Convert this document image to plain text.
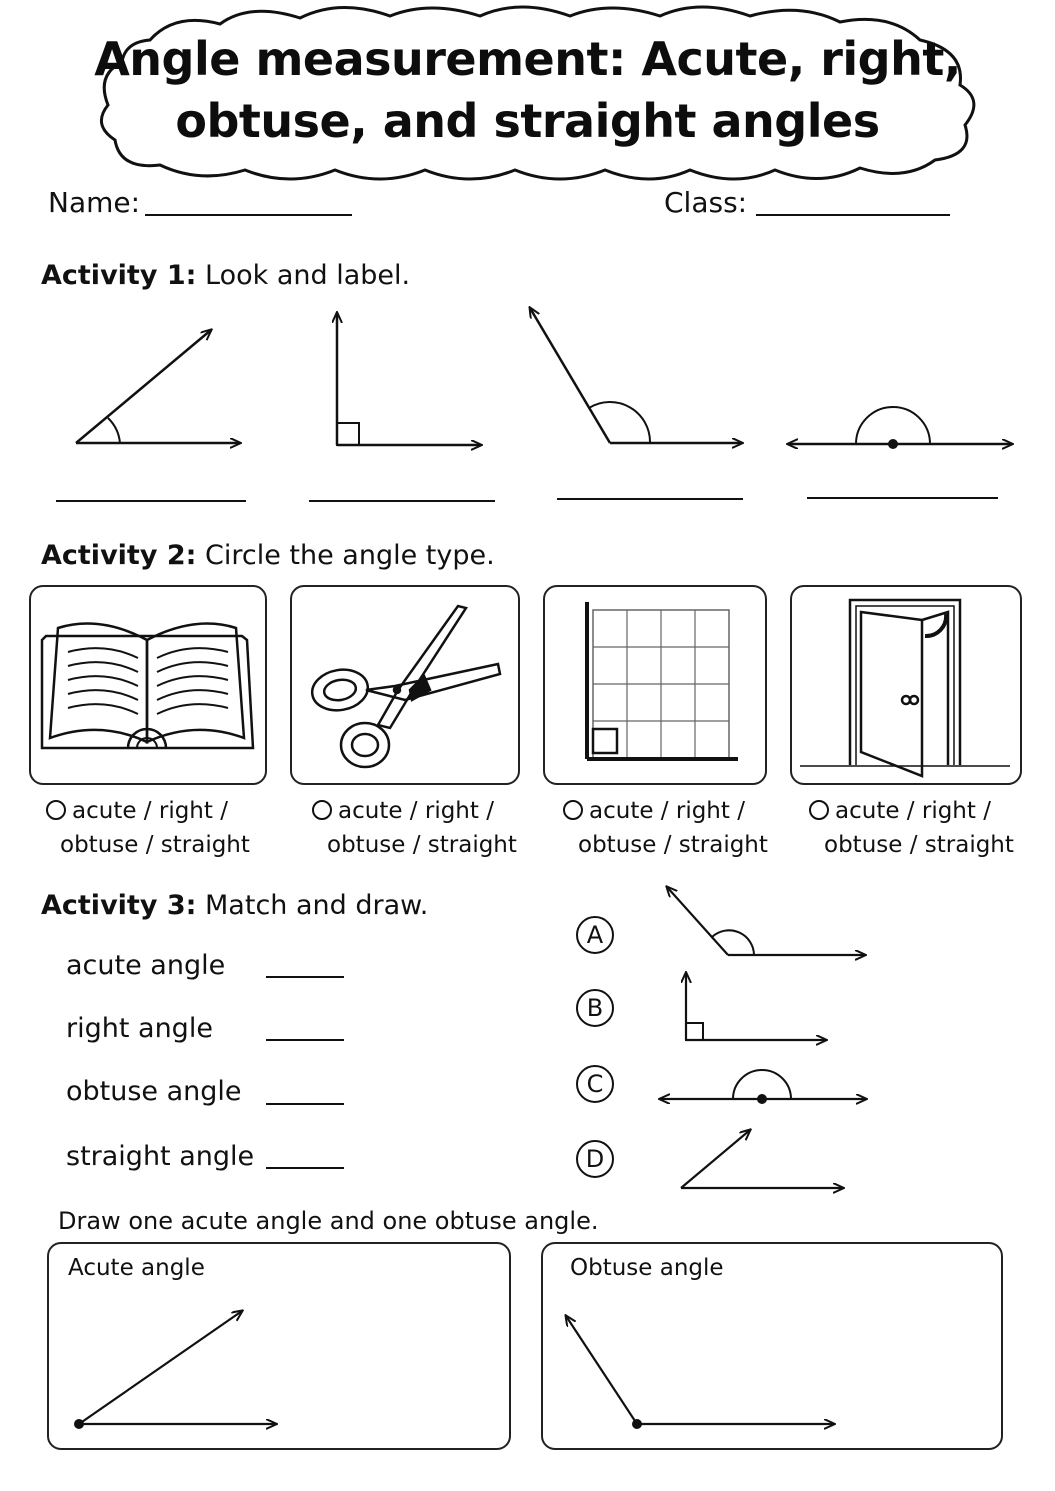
Angle measurement: Acute, right,
obtuse, and straight angles
Name:	Class:
Activity 1: Look and label.
Activity 2: Circle the angle type.
acute / right /
obtuse / straight
acute / right /
obtuse / straight
acute / right /
obtuse / straight
acute / right /
obtuse / straight
Activity 3: Match and draw.
acute angle
right angle
obtuse angle
straight angle
A
B
C
D
Draw one acute angle and one obtuse angle.
Acute angle	Obtuse angle
